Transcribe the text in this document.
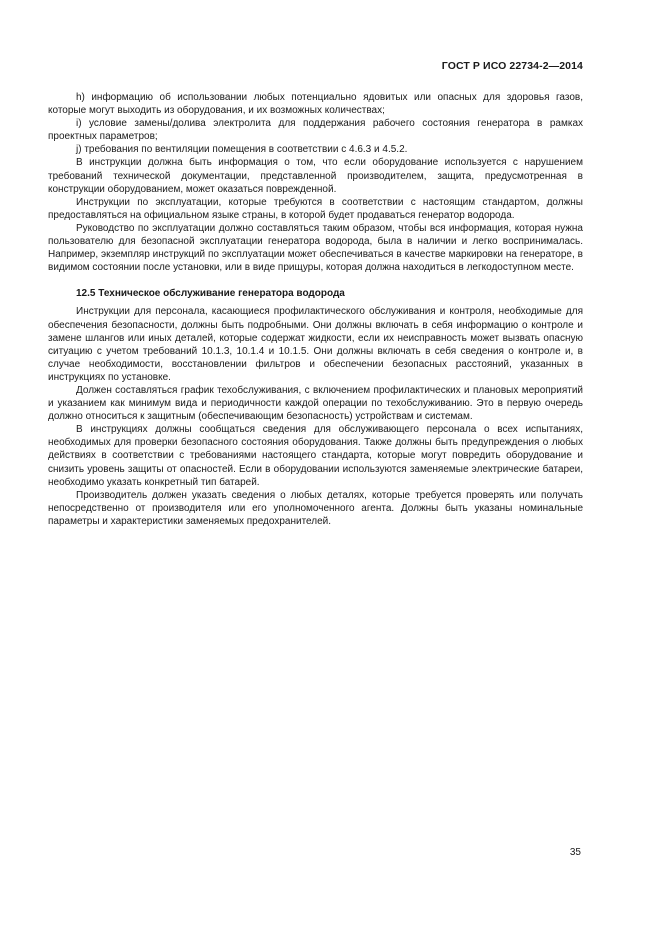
ГОСТ Р ИСО 22734-2—2014

h) информацию об использовании любых потенциально ядовитых или опасных для здоровья газов, которые могут выходить из оборудования, и их возможных количествах;

i) условие замены/долива электролита для поддержания рабочего состояния генератора в рамках проектных параметров;

j) требования по вентиляции помещения в соответствии с 4.6.3 и 4.5.2.

В инструкции должна быть информация о том, что если оборудование используется с нарушением требований технической документации, представленной производителем, защита, предусмотренная в конструкции оборудованием, может оказаться поврежденной.

Инструкции по эксплуатации, которые требуются в соответствии с настоящим стандартом, должны предоставляться на официальном языке страны, в которой будет продаваться генератор водорода.

Руководство по эксплуатации должно составляться таким образом, чтобы вся информация, которая нужна пользователю для безопасной эксплуатации генератора водорода, была в наличии и легко воспринималась. Например, экземпляр инструкций по эксплуатации может обеспечиваться в качестве маркировки на генераторе, в видимом состоянии после установки, или в виде прищуры, которая должна находиться в легкодоступном месте.

12.5 Техническое обслуживание генератора водорода

Инструкции для персонала, касающиеся профилактического обслуживания и контроля, необходимые для обеспечения безопасности, должны быть подробными. Они должны включать в себя информацию о контроле и замене шлангов или иных деталей, которые содержат жидкости, если их неисправность может вызвать опасную ситуацию с учетом требований 10.1.3, 10.1.4 и 10.1.5. Они должны включать в себя сведения о контроле и, в случае необходимости, восстановлении фильтров и обеспечении безопасных расстояний, указанных в инструкциях по установке.

Должен составляться график техобслуживания, с включением профилактических и плановых мероприятий и указанием как минимум вида и периодичности каждой операции по техобслуживанию. Это в первую очередь должно относиться к защитным (обеспечивающим безопасность) устройствам и системам.

В инструкциях должны сообщаться сведения для обслуживающего персонала о всех испытаниях, необходимых для проверки безопасного состояния оборудования. Также должны быть предупреждения о любых действиях в соответствии с требованиями настоящего стандарта, которые могут повредить оборудование и снизить уровень защиты от опасностей. Если в оборудовании используются заменяемые электрические батареи, необходимо указать конкретный тип батарей.

Производитель должен указать сведения о любых деталях, которые требуется проверять или получать непосредственно от производителя или его уполномоченного агента. Должны быть указаны номинальные параметры и характеристики заменяемых предохранителей.

35
